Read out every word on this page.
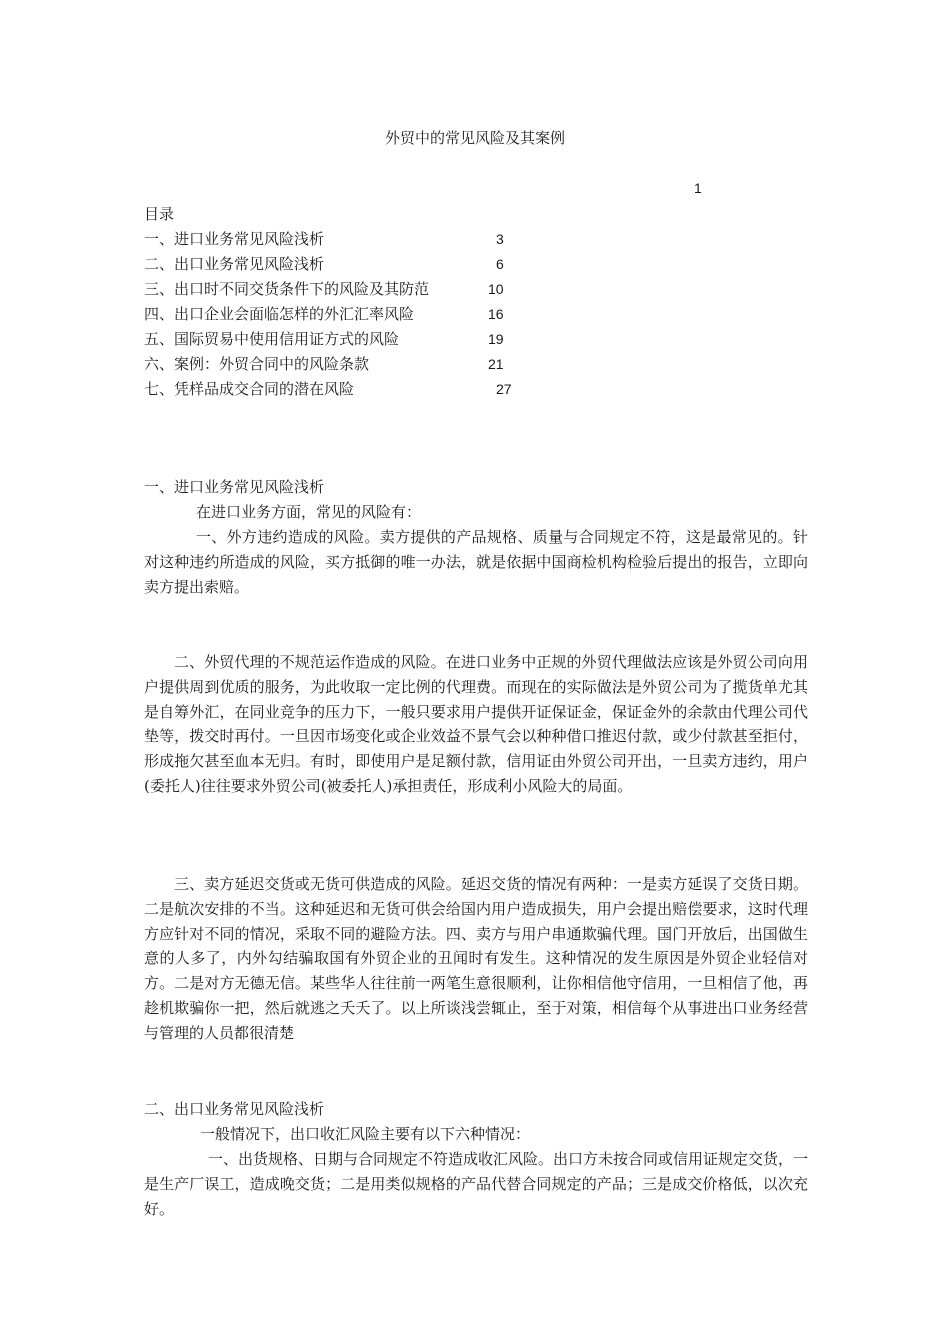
外贸中的常见风险及其案例
1
目录
一、进口业务常见风险浅析	3
二、出口业务常见风险浅析	6
三、出口时不同交货条件下的风险及其防范	10
四、出口企业会面临怎样的外汇汇率风险	16
五、国际贸易中使用信用证方式的风险	19
六、案例：外贸合同中的风险条款	21
七、凭样品成交合同的潜在风险	27

一、进口业务常见风险浅析

在进口业务方面，常见的风险有：

一、外方违约造成的风险。卖方提供的产品规格、质量与合同规定不符，这是最常见的。针对这种违约所造成的风险，买方抵御的唯一办法，就是依据中国商检机构检验后提出的报告，立即向卖方提出索赔。

二、外贸代理的不规范运作造成的风险。在进口业务中正规的外贸代理做法应该是外贸公司向用户提供周到优质的服务，为此收取一定比例的代理费。而现在的实际做法是外贸公司为了揽货单尤其是自筹外汇，在同业竞争的压力下，一般只要求用户提供开证保证金，保证金外的余款由代理公司代垫等，拨交时再付。一旦因市场变化或企业效益不景气会以种种借口推迟付款，或少付款甚至拒付，形成拖欠甚至血本无归。有时，即使用户是足额付款，信用证由外贸公司开出，一旦卖方违约，用户(委托人)往往要求外贸公司(被委托人)承担责任，形成利小风险大的局面。

三、卖方延迟交货或无货可供造成的风险。延迟交货的情况有两种：一是卖方延误了交货日期。二是航次安排的不当。这种延迟和无货可供会给国内用户造成损失，用户会提出赔偿要求，这时代理方应针对不同的情况，采取不同的避险方法。四、卖方与用户串通欺骗代理。国门开放后，出国做生意的人多了，内外勾结骗取国有外贸企业的丑闻时有发生。这种情况的发生原因是外贸企业轻信对方。二是对方无德无信。某些华人往往前一两笔生意很顺利，让你相信他守信用，一旦相信了他，再趁机欺骗你一把，然后就逃之夭夭了。以上所谈浅尝辄止，至于对策，相信每个从事进出口业务经营与管理的人员都很清楚

二、出口业务常见风险浅析

一般情况下，出口收汇风险主要有以下六种情况：

一、出货规格、日期与合同规定不符造成收汇风险。出口方未按合同或信用证规定交货，一是生产厂误工，造成晚交货；二是用类似规格的产品代替合同规定的产品；三是成交价格低，以次充好。
